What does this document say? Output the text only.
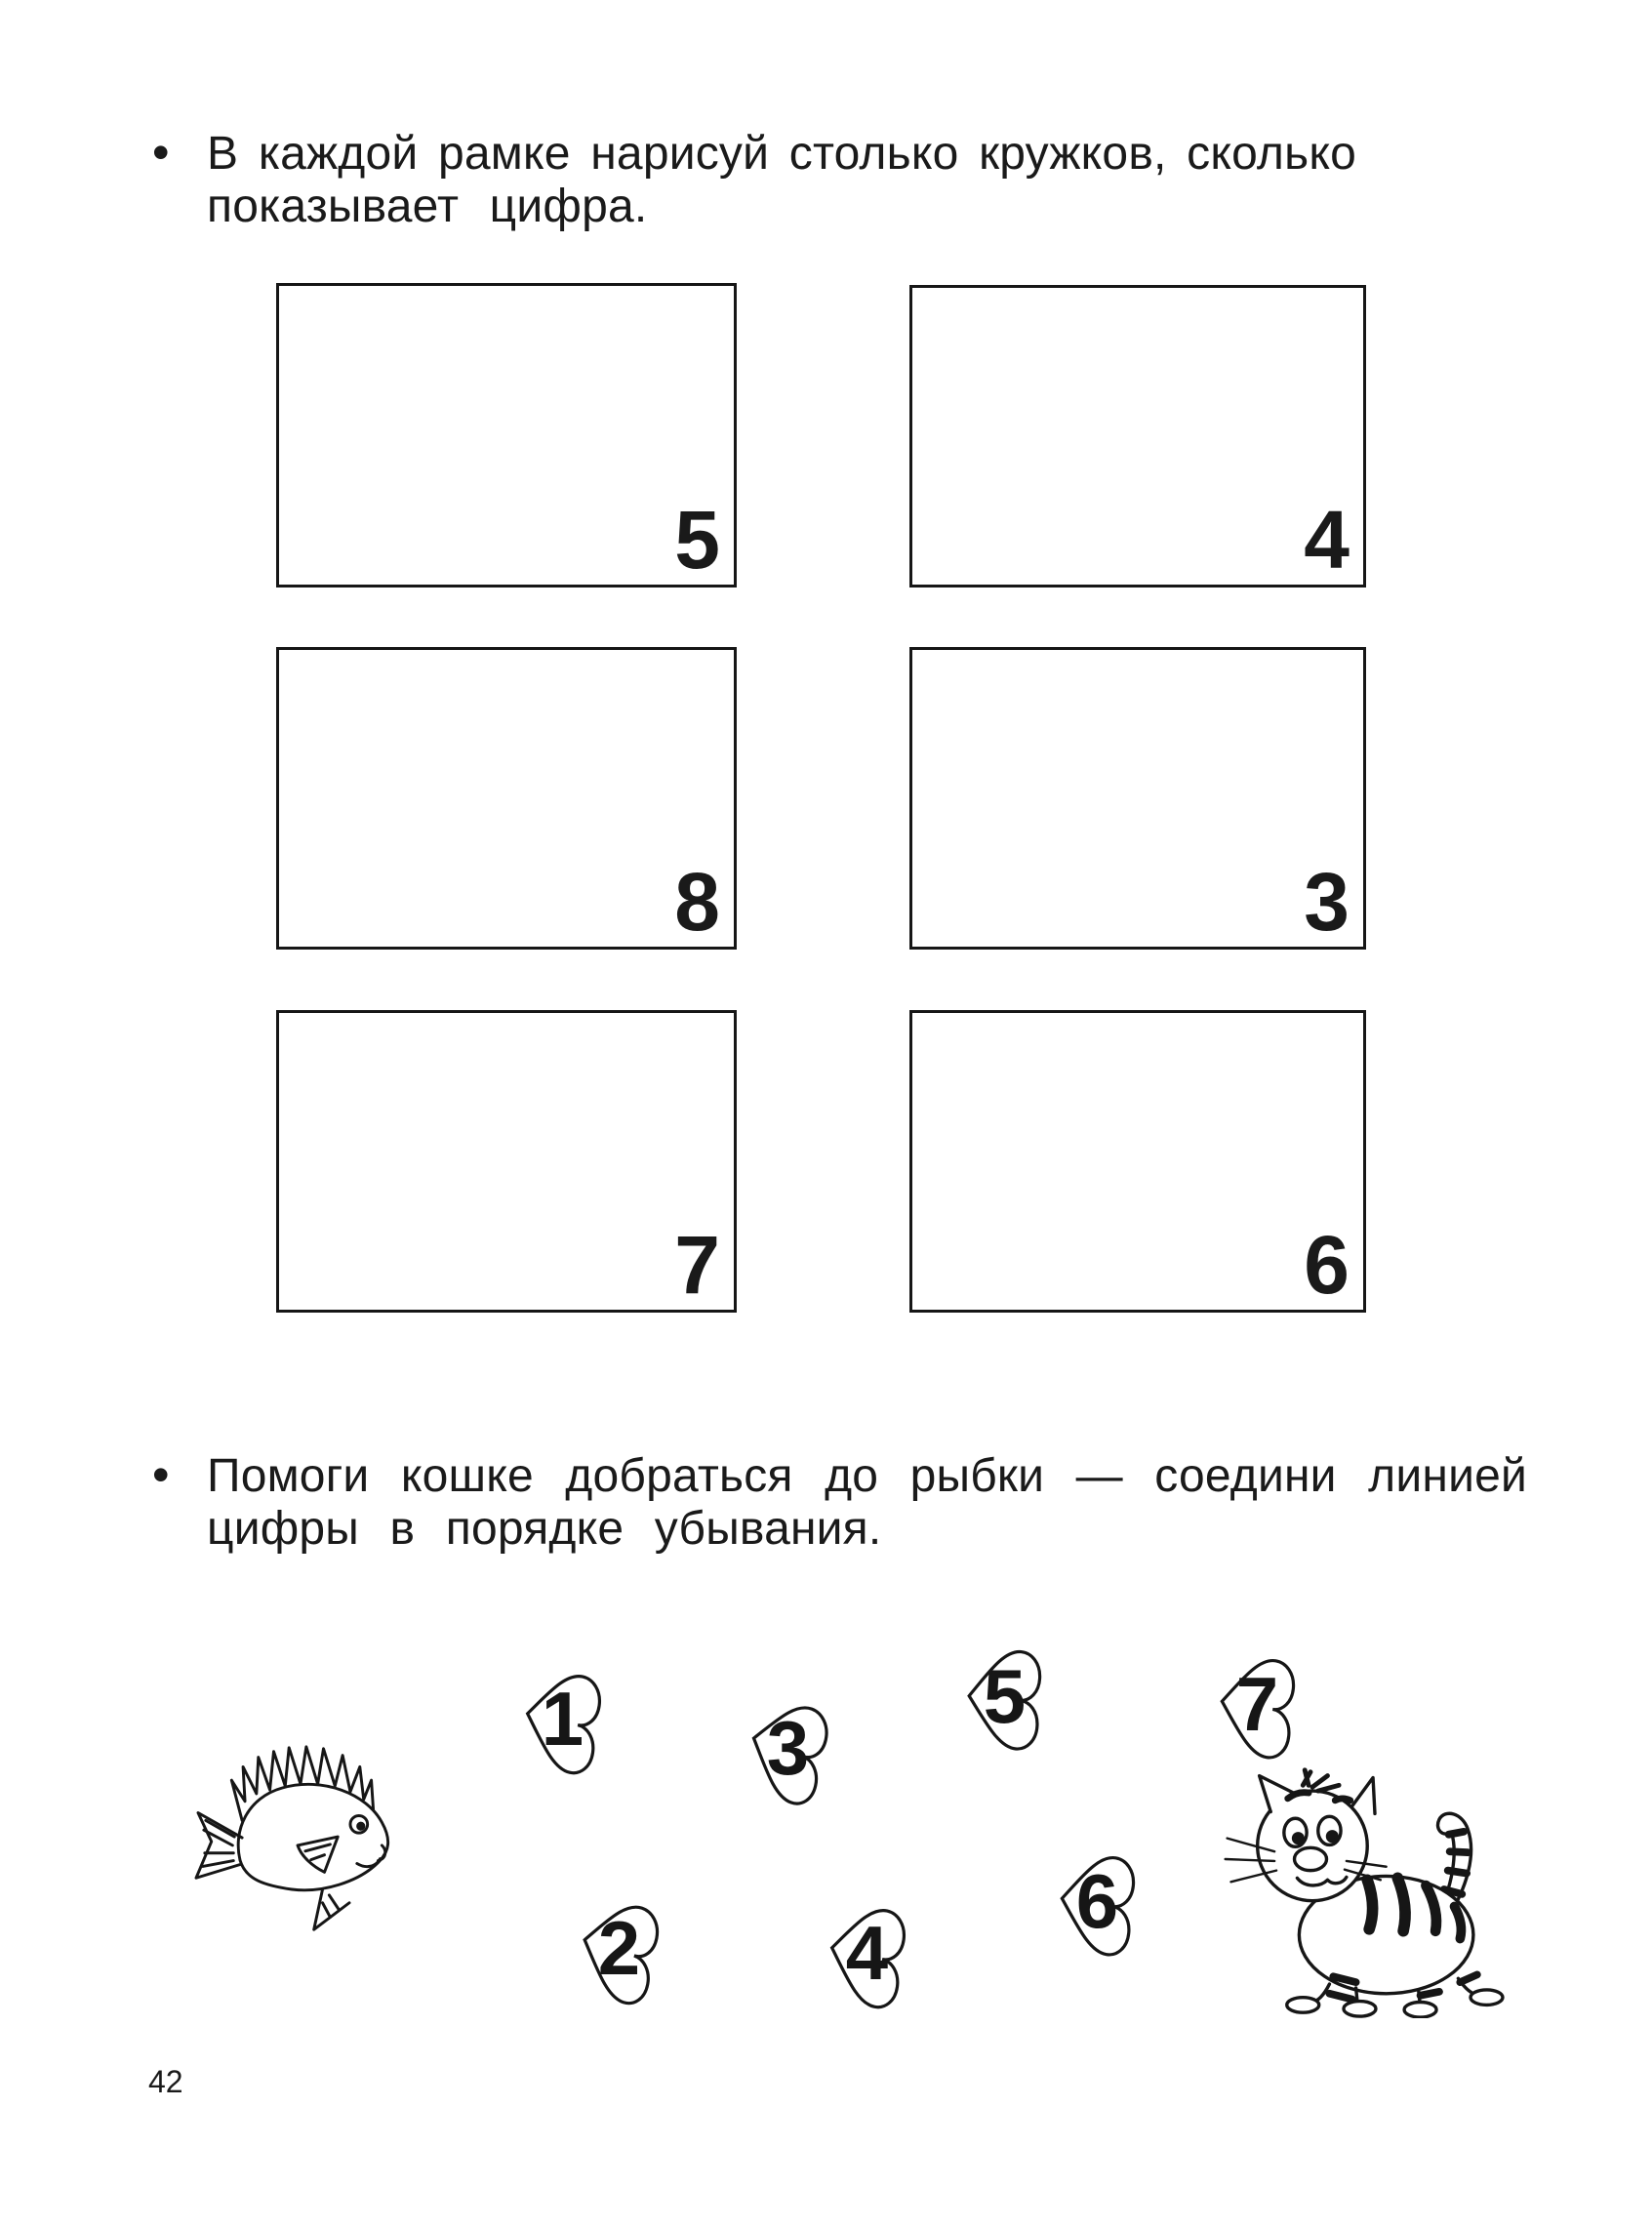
• В каждой рамке нарисуй столько кружков, сколько
показывает цифра.
5	4
8	3
7	6
• Помоги кошке добраться до рыбки — соедини линией
цифры в порядке убывания.
1 3
5	7
2	4
6
42
